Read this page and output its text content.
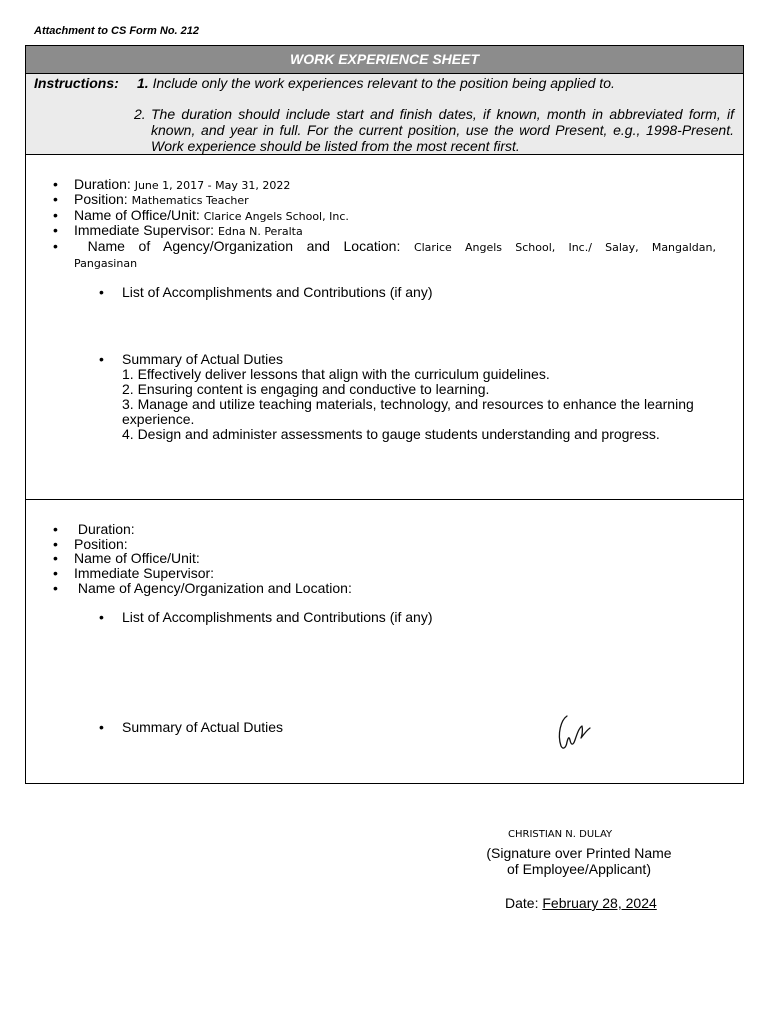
Attachment to CS Form No. 212
WORK EXPERIENCE SHEET
Instructions: 1. Include only the work experiences relevant to the position being applied to.
2. The duration should include start and finish dates, if known, month in abbreviated form, if known, and year in full. For the current position, use the word Present, e.g., 1998-Present. Work experience should be listed from the most recent first.
• Duration: June 1, 2017 - May 31, 2022
• Position: Mathematics Teacher
• Name of Office/Unit: Clarice Angels School, Inc.
• Immediate Supervisor: Edna N. Peralta
•	Name of Agency/Organization and Location: Clarice Angels School, Inc./ Salay, Mangaldan,
Pangasinan
• List of Accomplishments and Contributions (if any)
• Summary of Actual Duties
1. Effectively deliver lessons that align with the curriculum guidelines.
2. Ensuring content is engaging and conductive to learning.
3. Manage and utilize teaching materials, technology, and resources to enhance the learning experience.
4. Design and administer assessments to gauge students understanding and progress.
• Duration:
• Position:
• Name of Office/Unit:
• Immediate Supervisor:
• Name of Agency/Organization and Location:
• List of Accomplishments and Contributions (if any)
• Summary of Actual Duties
CHRISTIAN N. DULAY
(Signature over Printed Name
of Employee/Applicant)
Date: February 28, 2024
